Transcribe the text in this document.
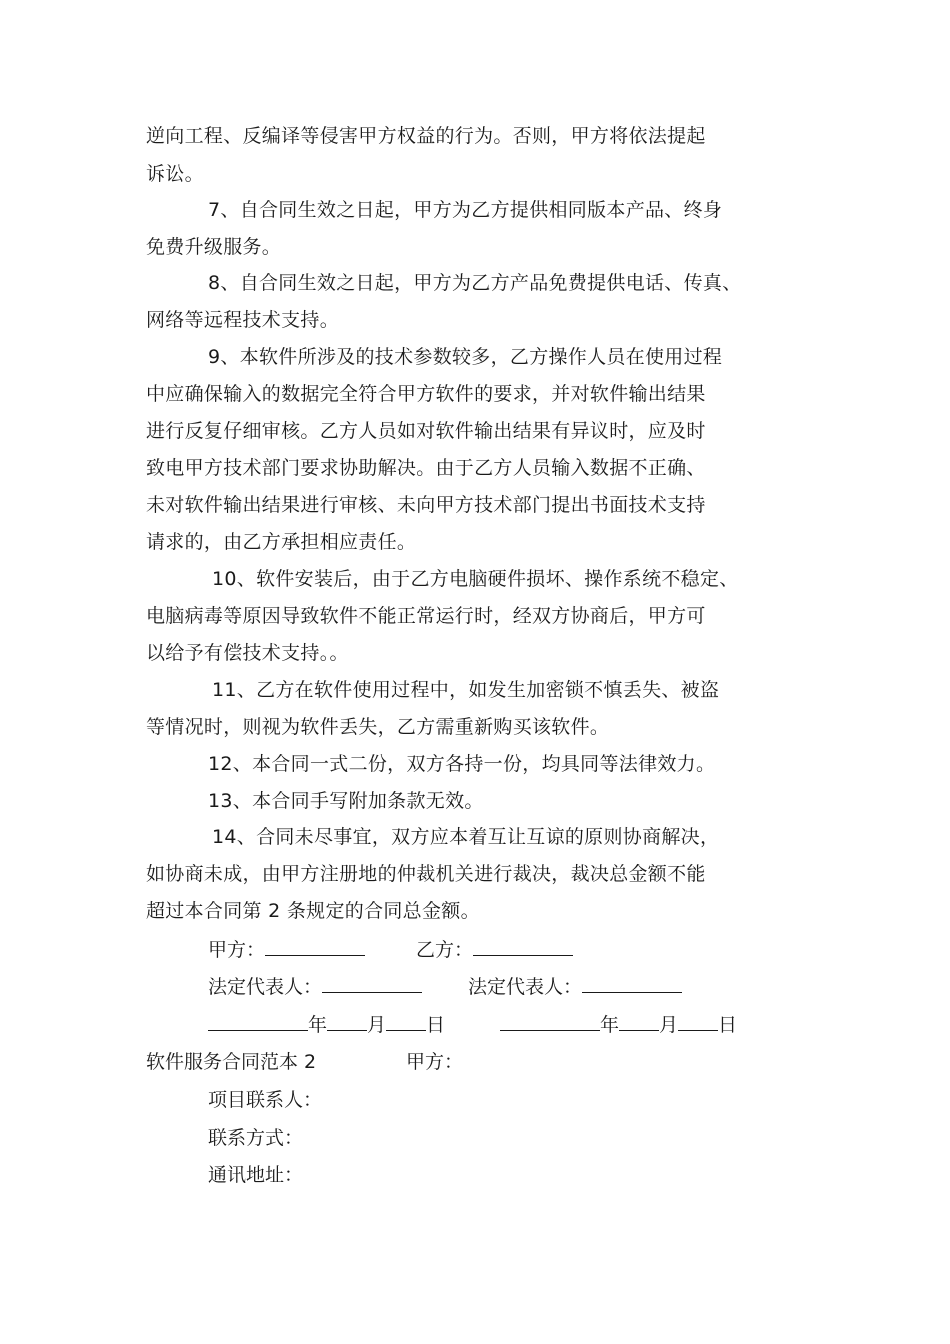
逆向工程、反编译等侵害甲方权益的行为。否则，甲方将依法提起
诉讼。
7、自合同生效之日起，甲方为乙方提供相同版本产品、终身
免费升级服务。
8、自合同生效之日起，甲方为乙方产品免费提供电话、传真、
网络等远程技术支持。
9、本软件所涉及的技术参数较多，乙方操作人员在使用过程
中应确保输入的数据完全符合甲方软件的要求，并对软件输出结果
进行反复仔细审核。乙方人员如对软件输出结果有异议时，应及时
致电甲方技术部门要求协助解决。由于乙方人员输入数据不正确、
未对软件输出结果进行审核、未向甲方技术部门提出书面技术支持
请求的，由乙方承担相应责任。
10、软件安装后，由于乙方电脑硬件损坏、操作系统不稳定、
电脑病毒等原因导致软件不能正常运行时，经双方协商后，甲方可
以给予有偿技术支持。。
11、乙方在软件使用过程中，如发生加密锁不慎丢失、被盗
等情况时，则视为软件丢失，乙方需重新购买该软件。
12、本合同一式二份，双方各持一份，均具同等法律效力。
13、本合同手写附加条款无效。
14、合同未尽事宜，双方应本着互让互谅的原则协商解决，
如协商未成，由甲方注册地的仲裁机关进行裁决，裁决总金额不能
超过本合同第 2 条规定的合同总金额。
甲方：	乙方：
法定代表人：	法定代表人：
年 月 日	年 月 日
软件服务合同范本 2	甲方：
项目联系人：
联系方式：
通讯地址：
